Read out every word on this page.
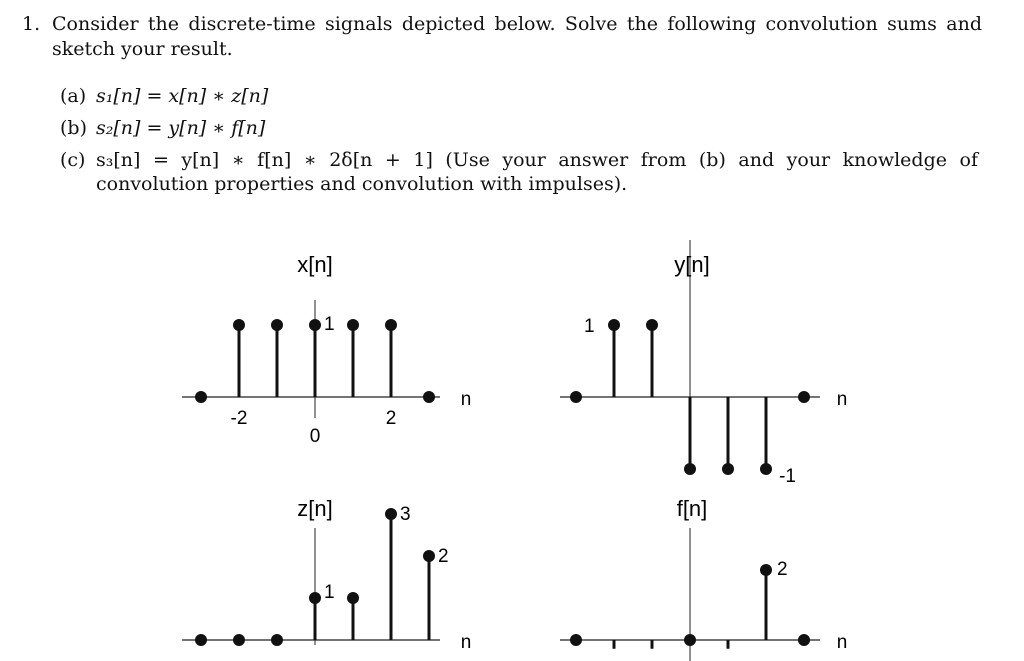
1. Consider the discrete-time signals depicted below. Solve the following convolution sums and sketch your result.
(a) s₁[n] = x[n] ∗ z[n]
(b) s₂[n] = y[n] ∗ f[n]
(c) s₃[n] = y[n] ∗ f[n] ∗ 2δ[n + 1] (Use your answer from (b) and your knowledge of convolution properties and convolution with impulses).
x[n]
n
1
-2
0
2
y[n]
n
1
-1
z[n]
n
1
3
2
f[n]
n
2
